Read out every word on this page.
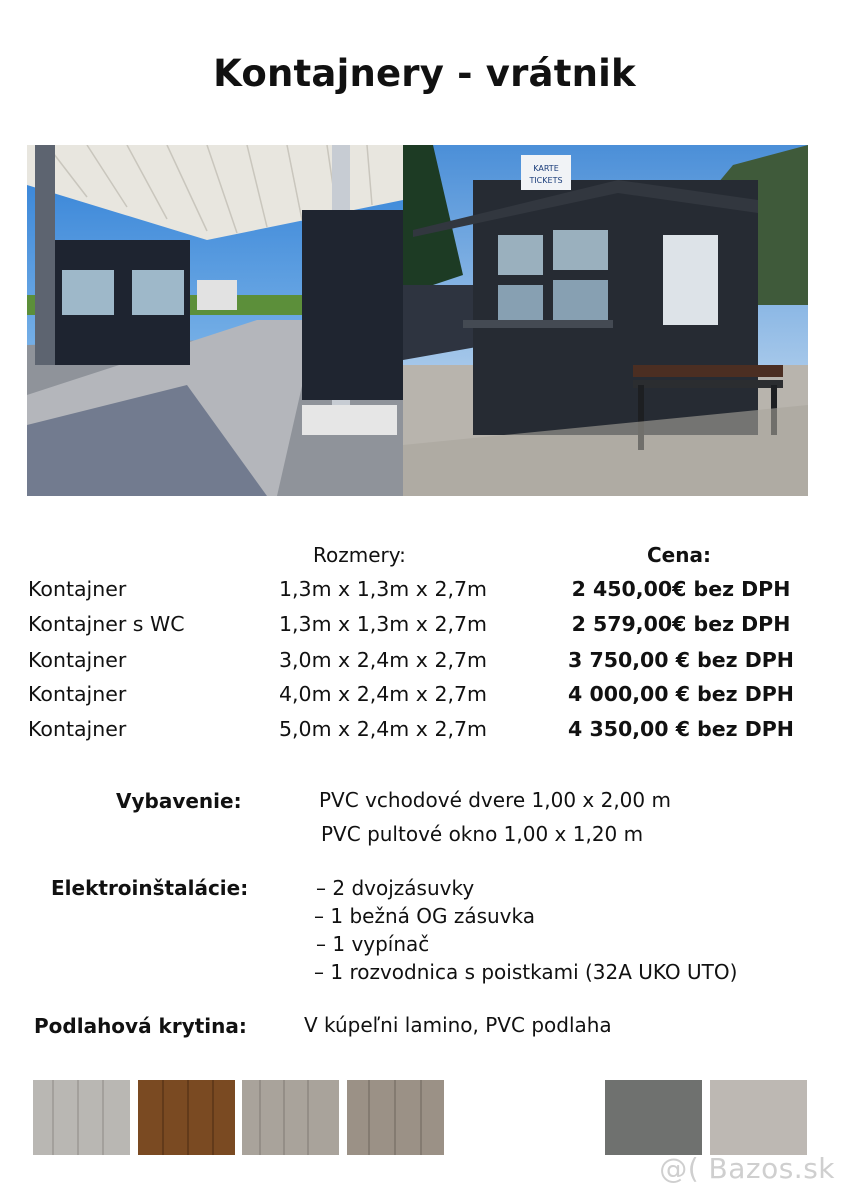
Kontajnery - vrátnik
KARTE
TICKETS
Rozmery:	Cena:
Kontajner	1,3m x 1,3m x 2,7m	2 450,00€ bez DPH
Kontajner s WC	1,3m x 1,3m x 2,7m	2 579,00€ bez DPH
Kontajner	3,0m x 2,4m x 2,7m	3 750,00 € bez DPH
Kontajner	4,0m x 2,4m x 2,7m	4 000,00 € bez DPH
Kontajner	5,0m x 2,4m x 2,7m	4 350,00 € bez DPH
Vybavenie:	PVC vchodové dvere 1,00 x 2,00 m
PVC pultové okno 1,00 x 1,20 m
Elektroinštalácie:	– 2 dvojzásuvky
– 1 bežná OG zásuvka
– 1 vypínač
– 1 rozvodnica s poistkami (32A UKO UTO)
Podlahová krytina:	V kúpeľni lamino, PVC podlaha
@( Bazos.sk
